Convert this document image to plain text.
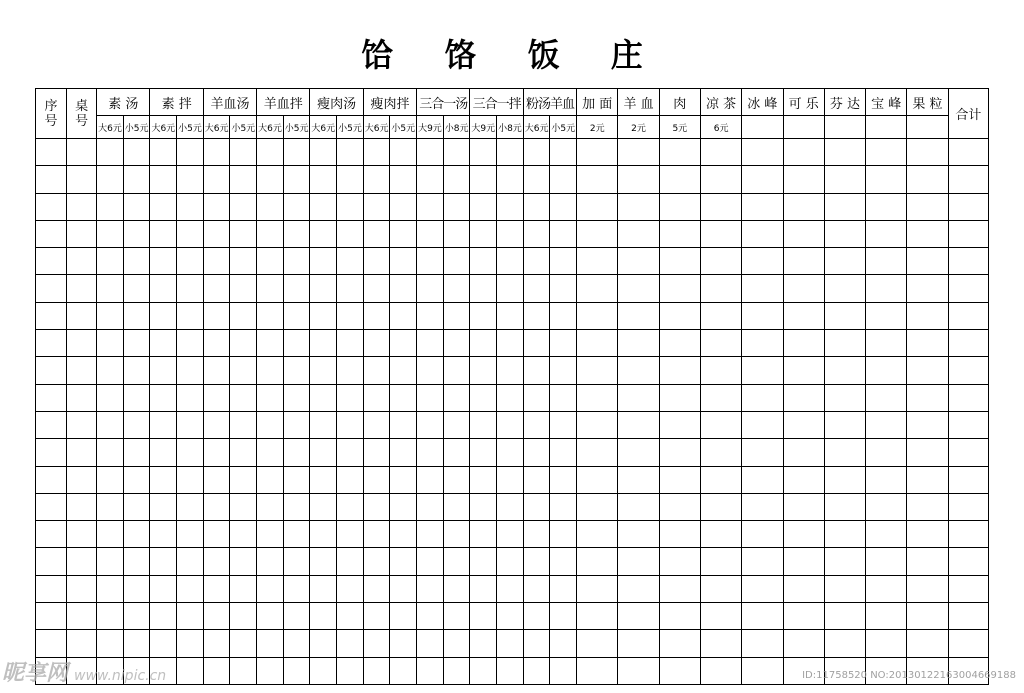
饸 饹 饭 庄
序号	桌号	素 汤		素 拌		羊血汤		羊血拌		瘦肉汤		瘦肉拌		三合一汤		三合一拌		粉汤羊血		加 面	羊 血	肉	凉 茶	冰 峰	可 乐	芬 达	宝 峰	果 粒	合计
		大6元	小5元	大6元	小5元	大6元	小5元	大6元	小5元	大6元	小5元	大6元	小5元	大9元	小8元	大9元	小8元	大6元	小5元	2元	2元	5元	6元						

昵享网 www.nipic.cn	ID:11758520 NO:20130122163004669188
